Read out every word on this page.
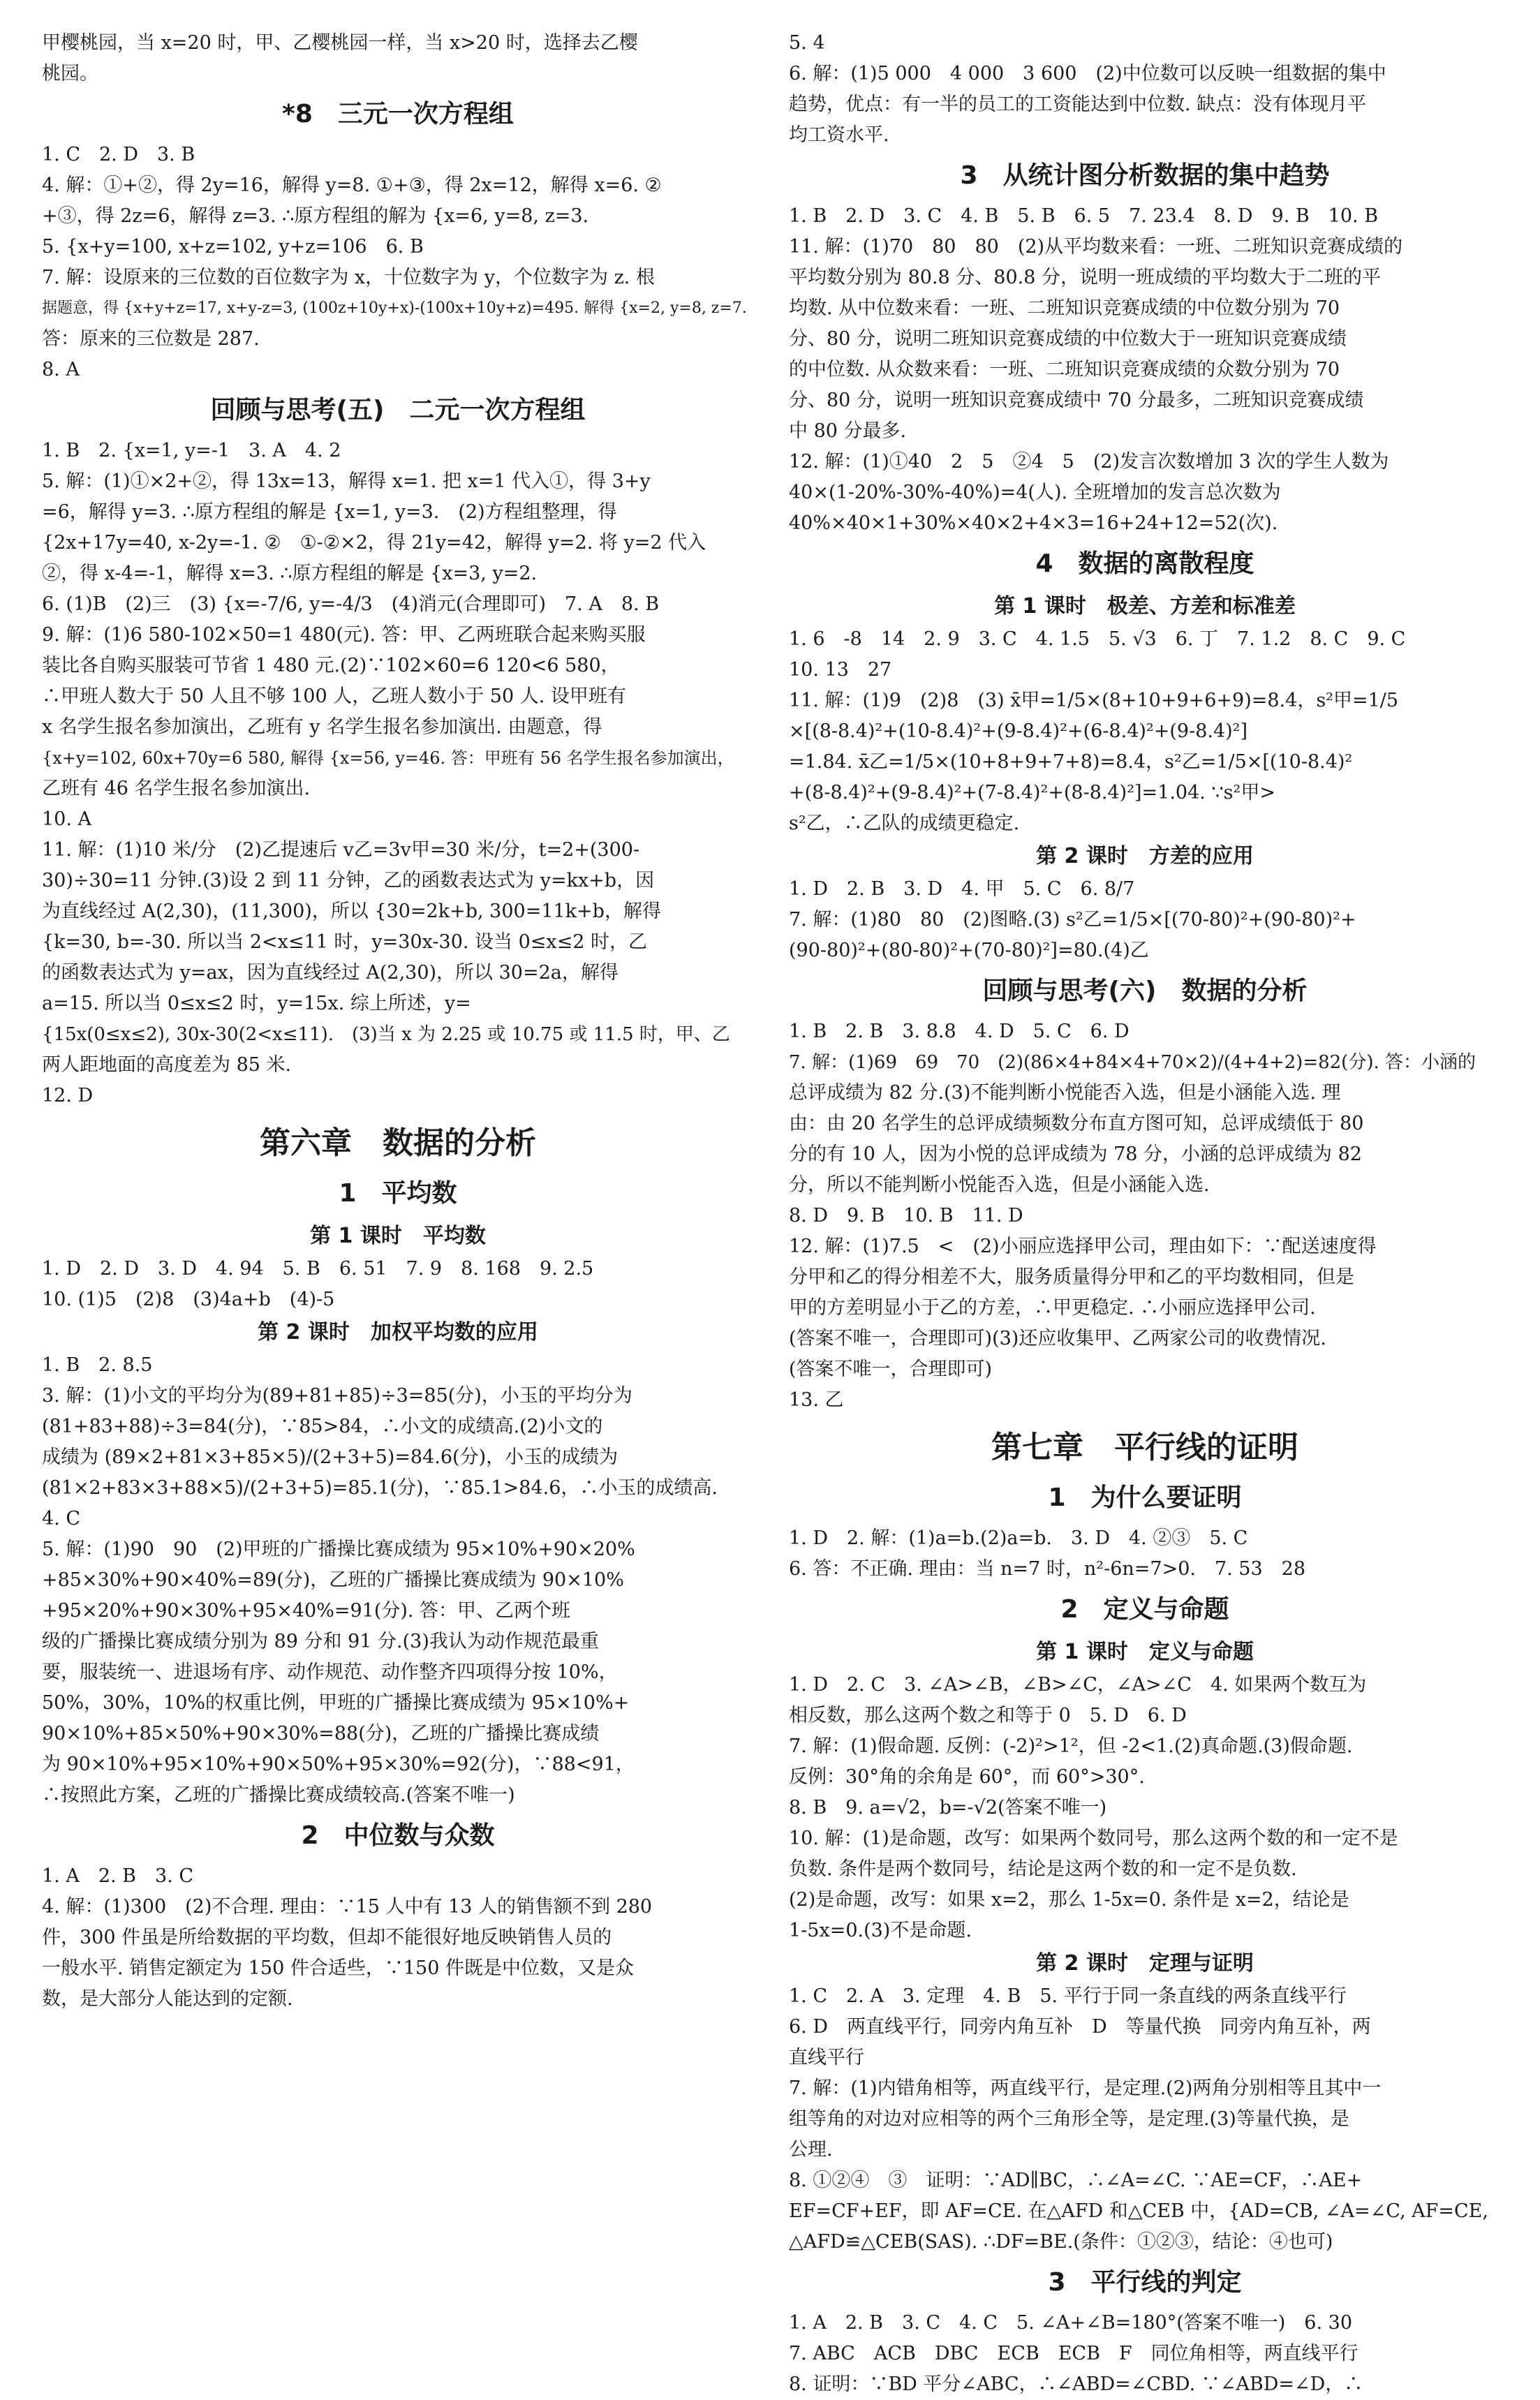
甲樱桃园，当 x=20 时，甲、乙樱桃园一样，当 x>20 时，选择去乙樱
桃园。
*8　三元一次方程组
1. C　2. D　3. B
4. 解：①+②，得 2y=16，解得 y=8. ①+③，得 2x=12，解得 x=6. ②
+③，得 2z=6，解得 z=3. ∴原方程组的解为 {x=6, y=8, z=3.
5. {x+y=100, x+z=102, y+z=106　6. B
7. 解：设原来的三位数的百位数字为 x，十位数字为 y，个位数字为 z. 根
据题意，得 {x+y+z=17, x+y-z=3, (100z+10y+x)-(100x+10y+z)=495. 解得 {x=2, y=8, z=7.
答：原来的三位数是 287.
8. A
回顾与思考(五)　二元一次方程组
1. B　2. {x=1, y=-1　3. A　4. 2
5. 解：(1)①×2+②，得 13x=13，解得 x=1. 把 x=1 代入①，得 3+y
=6，解得 y=3. ∴原方程组的解是 {x=1, y=3.　(2)方程组整理，得
{2x+17y=40, x-2y=-1. ②　①-②×2，得 21y=42，解得 y=2. 将 y=2 代入
②，得 x-4=-1，解得 x=3. ∴原方程组的解是 {x=3, y=2.
6. (1)B　(2)三　(3) {x=-7/6, y=-4/3　(4)消元(合理即可)　7. A　8. B
9. 解：(1)6 580-102×50=1 480(元). 答：甲、乙两班联合起来购买服
装比各自购买服装可节省 1 480 元.(2)∵102×60=6 120<6 580，
∴甲班人数大于 50 人且不够 100 人，乙班人数小于 50 人. 设甲班有
x 名学生报名参加演出，乙班有 y 名学生报名参加演出. 由题意，得
{x+y=102, 60x+70y=6 580, 解得 {x=56, y=46. 答：甲班有 56 名学生报名参加演出，
乙班有 46 名学生报名参加演出.
10. A
11. 解：(1)10 米/分　(2)乙提速后 v乙=3v甲=30 米/分，t=2+(300-
30)÷30=11 分钟.(3)设 2 到 11 分钟，乙的函数表达式为 y=kx+b，因
为直线经过 A(2,30)，(11,300)，所以 {30=2k+b, 300=11k+b，解得
{k=30, b=-30. 所以当 2<x≤11 时，y=30x-30. 设当 0≤x≤2 时，乙
的函数表达式为 y=ax，因为直线经过 A(2,30)，所以 30=2a，解得
a=15. 所以当 0≤x≤2 时，y=15x. 综上所述，y=
{15x(0≤x≤2), 30x-30(2<x≤11).　(3)当 x 为 2.25 或 10.75 或 11.5 时，甲、乙
两人距地面的高度差为 85 米.
12. D
第六章　数据的分析
1　平均数
第 1 课时　平均数
1. D　2. D　3. D　4. 94　5. B　6. 51　7. 9　8. 168　9. 2.5
10. (1)5　(2)8　(3)4a+b　(4)-5
第 2 课时　加权平均数的应用
1. B　2. 8.5
3. 解：(1)小文的平均分为(89+81+85)÷3=85(分)，小玉的平均分为
(81+83+88)÷3=84(分)，∵85>84，∴小文的成绩高.(2)小文的
成绩为 (89×2+81×3+85×5)/(2+3+5)=84.6(分)，小玉的成绩为
(81×2+83×3+88×5)/(2+3+5)=85.1(分)，∵85.1>84.6，∴小玉的成绩高.
4. C
5. 解：(1)90　90　(2)甲班的广播操比赛成绩为 95×10%+90×20%
+85×30%+90×40%=89(分)，乙班的广播操比赛成绩为 90×10%
+95×20%+90×30%+95×40%=91(分). 答：甲、乙两个班
级的广播操比赛成绩分别为 89 分和 91 分.(3)我认为动作规范最重
要，服装统一、进退场有序、动作规范、动作整齐四项得分按 10%，
50%，30%，10%的权重比例，甲班的广播操比赛成绩为 95×10%+
90×10%+85×50%+90×30%=88(分)，乙班的广播操比赛成绩
为 90×10%+95×10%+90×50%+95×30%=92(分)，∵88<91，
∴按照此方案，乙班的广播操比赛成绩较高.(答案不唯一)
2　中位数与众数
1. A　2. B　3. C
4. 解：(1)300　(2)不合理. 理由：∵15 人中有 13 人的销售额不到 280
件，300 件虽是所给数据的平均数，但却不能很好地反映销售人员的
一般水平. 销售定额定为 150 件合适些，∵150 件既是中位数，又是众
数，是大部分人能达到的定额.
5. 4
6. 解：(1)5 000　4 000　3 600　(2)中位数可以反映一组数据的集中
趋势，优点：有一半的员工的工资能达到中位数. 缺点：没有体现月平
均工资水平.
3　从统计图分析数据的集中趋势
1. B　2. D　3. C　4. B　5. B　6. 5　7. 23.4　8. D　9. B　10. B
11. 解：(1)70　80　80　(2)从平均数来看：一班、二班知识竞赛成绩的
平均数分别为 80.8 分、80.8 分，说明一班成绩的平均数大于二班的平
均数. 从中位数来看：一班、二班知识竞赛成绩的中位数分别为 70
分、80 分，说明二班知识竞赛成绩的中位数大于一班知识竞赛成绩
的中位数. 从众数来看：一班、二班知识竞赛成绩的众数分别为 70
分、80 分，说明一班知识竞赛成绩中 70 分最多，二班知识竞赛成绩
中 80 分最多.
12. 解：(1)①40　2　5　②4　5　(2)发言次数增加 3 次的学生人数为
40×(1-20%-30%-40%)=4(人). 全班增加的发言总次数为
40%×40×1+30%×40×2+4×3=16+24+12=52(次).
4　数据的离散程度
第 1 课时　极差、方差和标准差
1. 6　-8　14　2. 9　3. C　4. 1.5　5. √3　6. 丁　7. 1.2　8. C　9. C
10. 13　27
11. 解：(1)9　(2)8　(3) x̄甲=1/5×(8+10+9+6+9)=8.4，s²甲=1/5
×[(8-8.4)²+(10-8.4)²+(9-8.4)²+(6-8.4)²+(9-8.4)²]
=1.84. x̄乙=1/5×(10+8+9+7+8)=8.4，s²乙=1/5×[(10-8.4)²
+(8-8.4)²+(9-8.4)²+(7-8.4)²+(8-8.4)²]=1.04. ∵s²甲>
s²乙，∴乙队的成绩更稳定.
第 2 课时　方差的应用
1. D　2. B　3. D　4. 甲　5. C　6. 8/7
7. 解：(1)80　80　(2)图略.(3) s²乙=1/5×[(70-80)²+(90-80)²+
(90-80)²+(80-80)²+(70-80)²]=80.(4)乙
回顾与思考(六)　数据的分析
1. B　2. B　3. 8.8　4. D　5. C　6. D
7. 解：(1)69　69　70　(2)(86×4+84×4+70×2)/(4+4+2)=82(分). 答：小涵的
总评成绩为 82 分.(3)不能判断小悦能否入选，但是小涵能入选. 理
由：由 20 名学生的总评成绩频数分布直方图可知，总评成绩低于 80
分的有 10 人，因为小悦的总评成绩为 78 分，小涵的总评成绩为 82
分，所以不能判断小悦能否入选，但是小涵能入选.
8. D　9. B　10. B　11. D
12. 解：(1)7.5　<　(2)小丽应选择甲公司，理由如下：∵配送速度得
分甲和乙的得分相差不大，服务质量得分甲和乙的平均数相同，但是
甲的方差明显小于乙的方差，∴甲更稳定. ∴小丽应选择甲公司.
(答案不唯一，合理即可)(3)还应收集甲、乙两家公司的收费情况.
(答案不唯一，合理即可)
13. 乙
第七章　平行线的证明
1　为什么要证明
1. D　2. 解：(1)a=b.(2)a=b.　3. D　4. ②③　5. C
6. 答：不正确. 理由：当 n=7 时，n²-6n=7>0.　7. 53　28
2　定义与命题
第 1 课时　定义与命题
1. D　2. C　3. ∠A>∠B，∠B>∠C，∠A>∠C　4. 如果两个数互为
相反数，那么这两个数之和等于 0　5. D　6. D
7. 解：(1)假命题. 反例：(-2)²>1²，但 -2<1.(2)真命题.(3)假命题.
反例：30°角的余角是 60°，而 60°>30°.
8. B　9. a=√2，b=-√2(答案不唯一)
10. 解：(1)是命题，改写：如果两个数同号，那么这两个数的和一定不是
负数. 条件是两个数同号，结论是这两个数的和一定不是负数.
(2)是命题，改写：如果 x=2，那么 1-5x=0. 条件是 x=2，结论是
1-5x=0.(3)不是命题.
第 2 课时　定理与证明
1. C　2. A　3. 定理　4. B　5. 平行于同一条直线的两条直线平行
6. D　两直线平行，同旁内角互补　D　等量代换　同旁内角互补，两
直线平行
7. 解：(1)内错角相等，两直线平行，是定理.(2)两角分别相等且其中一
组等角的对边对应相等的两个三角形全等，是定理.(3)等量代换，是
公理.
8. ①②④　③　证明：∵AD∥BC，∴∠A=∠C. ∵AE=CF，∴AE+
EF=CF+EF，即 AF=CE. 在△AFD 和△CEB 中，{AD=CB, ∠A=∠C, AF=CE,
△AFD≌△CEB(SAS). ∴DF=BE.(条件：①②③，结论：④也可)
3　平行线的判定
1. A　2. B　3. C　4. C　5. ∠A+∠B=180°(答案不唯一)　6. 30
7. ABC　ACB　DBC　ECB　ECB　F　同位角相等，两直线平行
8. 证明：∵BD 平分∠ABC，∴∠ABD=∠CBD. ∵∠ABD=∠D，∴
